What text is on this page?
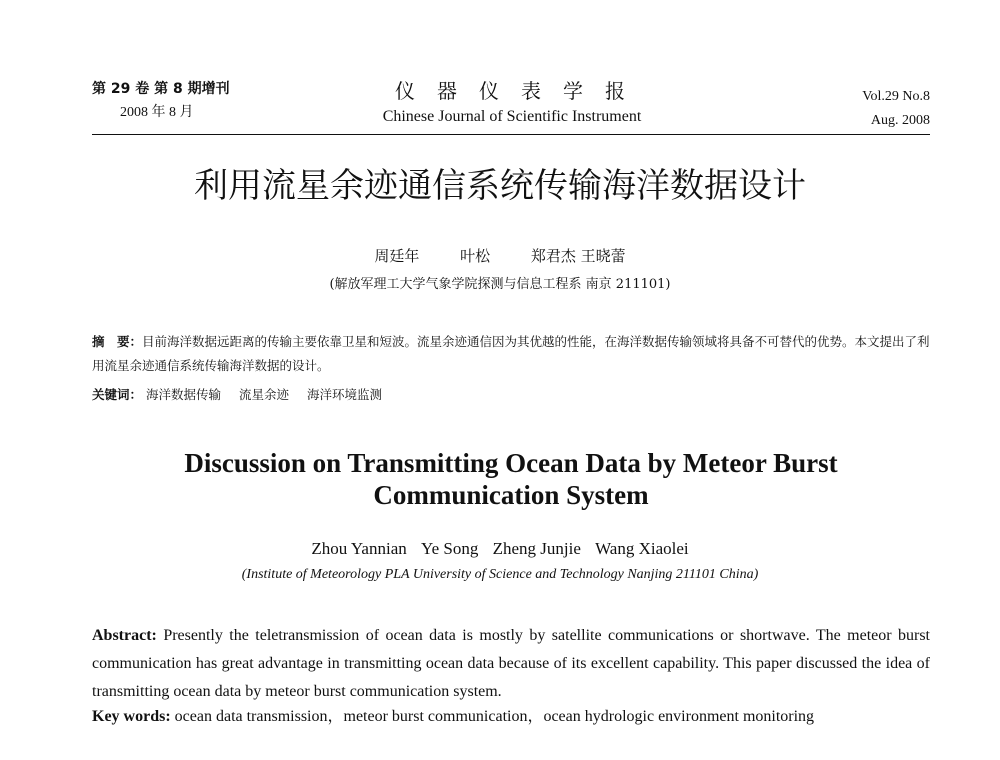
第 29 卷 第 8 期增刊
2008 年 8 月
仪器仪表学报
Chinese Journal of Scientific Instrument
Vol.29 No.8
Aug. 2008
利用流星余迹通信系统传输海洋数据设计
周廷年	叶松	郑君杰 王晓蕾
(解放军理工大学气象学院探测与信息工程系 南京 211101)
摘　要：目前海洋数据远距离的传输主要依靠卫星和短波。流星余迹通信因为其优越的性能，在海洋数据传输领域将具备不可替代的优势。本文提出了利用流星余迹通信系统传输海洋数据的设计。
关键词： 海洋数据传输 流星余迹 海洋环境监测
Discussion on Transmitting Ocean Data by Meteor Burst Communication System
Zhou Yannian Ye Song Zheng Junjie Wang Xiaolei
(Institute of Meteorology PLA University of Science and Technology Nanjing 211101 China)
Abstract: Presently the teletransmission of ocean data is mostly by satellite communications or shortwave. The meteor burst communication has great advantage in transmitting ocean data because of its excellent capability. This paper discussed the idea of transmitting ocean data by meteor burst communication system.
Key words: ocean data transmission，meteor burst communication，ocean hydrologic environment monitoring
